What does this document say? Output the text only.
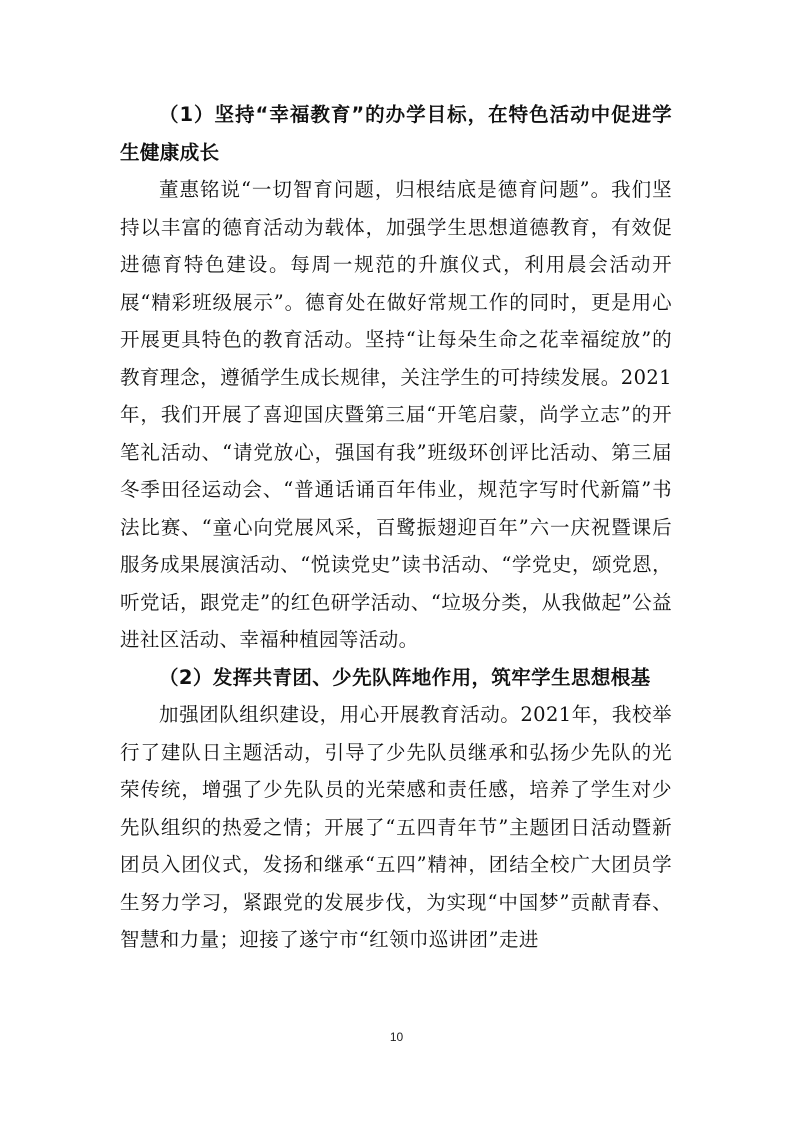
（1）坚持“幸福教育”的办学目标，在特色活动中促进学生健康成长

董惠铭说“一切智育问题，归根结底是德育问题”。我们坚持以丰富的德育活动为载体，加强学生思想道德教育，有效促进德育特色建设。每周一规范的升旗仪式，利用晨会活动开展“精彩班级展示”。德育处在做好常规工作的同时，更是用心开展更具特色的教育活动。坚持“让每朵生命之花幸福绽放”的教育理念，遵循学生成长规律，关注学生的可持续发展。2021年，我们开展了喜迎国庆暨第三届“开笔启蒙，尚学立志”的开笔礼活动、“请党放心，强国有我”班级环创评比活动、第三届冬季田径运动会、“普通话诵百年伟业，规范字写时代新篇”书法比赛、“童心向党展风采，百鹭振翅迎百年”六一庆祝暨课后服务成果展演活动、“悦读党史”读书活动、“学党史，颂党恩，听党话，跟党走”的红色研学活动、“垃圾分类，从我做起”公益进社区活动、幸福种植园等活动。

（2）发挥共青团、少先队阵地作用，筑牢学生思想根基

加强团队组织建设，用心开展教育活动。2021年，我校举行了建队日主题活动，引导了少先队员继承和弘扬少先队的光荣传统，增强了少先队员的光荣感和责任感，培养了学生对少先队组织的热爱之情；开展了“五四青年节”主题团日活动暨新团员入团仪式，发扬和继承“五四”精神，团结全校广大团员学生努力学习，紧跟党的发展步伐，为实现“中国梦”贡献青春、智慧和力量；迎接了遂宁市“红领巾巡讲团”走进

10
